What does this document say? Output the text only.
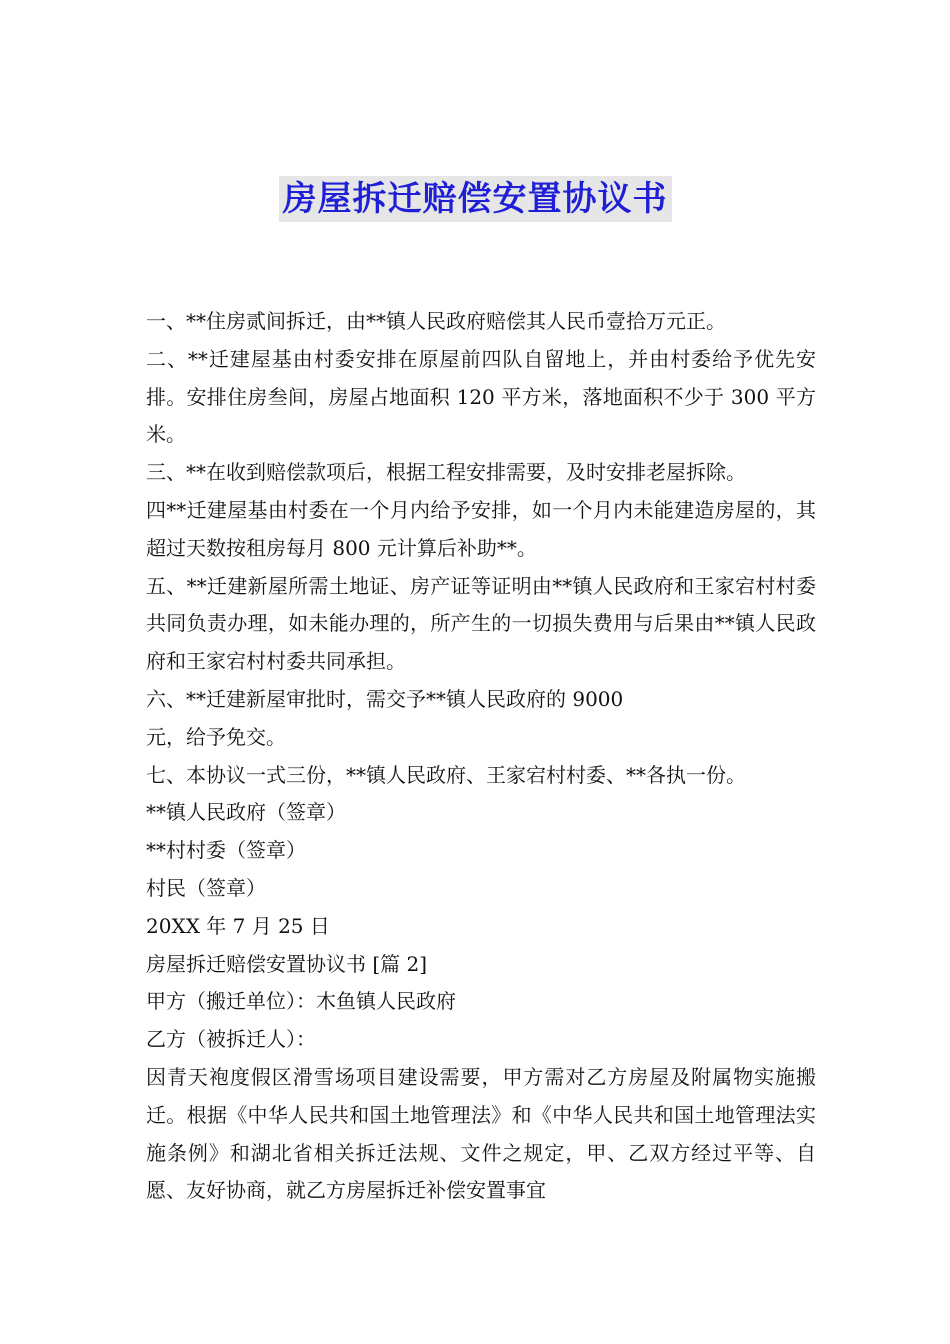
房屋拆迁赔偿安置协议书

一、**住房贰间拆迁，由**镇人民政府赔偿其人民币壹拾万元正。

二、**迁建屋基由村委安排在原屋前四队自留地上，并由村委给予优先安排。安排住房叁间，房屋占地面积 120 平方米，落地面积不少于 300 平方米。

三、**在收到赔偿款项后，根据工程安排需要，及时安排老屋拆除。

四**迁建屋基由村委在一个月内给予安排，如一个月内未能建造房屋的，其超过天数按租房每月 800 元计算后补助**。

五、**迁建新屋所需土地证、房产证等证明由**镇人民政府和王家宕村村委共同负责办理，如未能办理的，所产生的一切损失费用与后果由**镇人民政府和王家宕村村委共同承担。

六、**迁建新屋审批时，需交予**镇人民政府的 9000

元，给予免交。

七、本协议一式三份，**镇人民政府、王家宕村村委、**各执一份。

**镇人民政府（签章）

**村村委（签章）

村民（签章）

20XX 年 7 月 25 日

房屋拆迁赔偿安置协议书 [篇 2]

甲方（搬迁单位）：木鱼镇人民政府

乙方（被拆迁人）：

因青天袍度假区滑雪场项目建设需要，甲方需对乙方房屋及附属物实施搬迁。根据《中华人民共和国土地管理法》和《中华人民共和国土地管理法实施条例》和湖北省相关拆迁法规、文件之规定，甲、乙双方经过平等、自愿、友好协商，就乙方房屋拆迁补偿安置事宜
